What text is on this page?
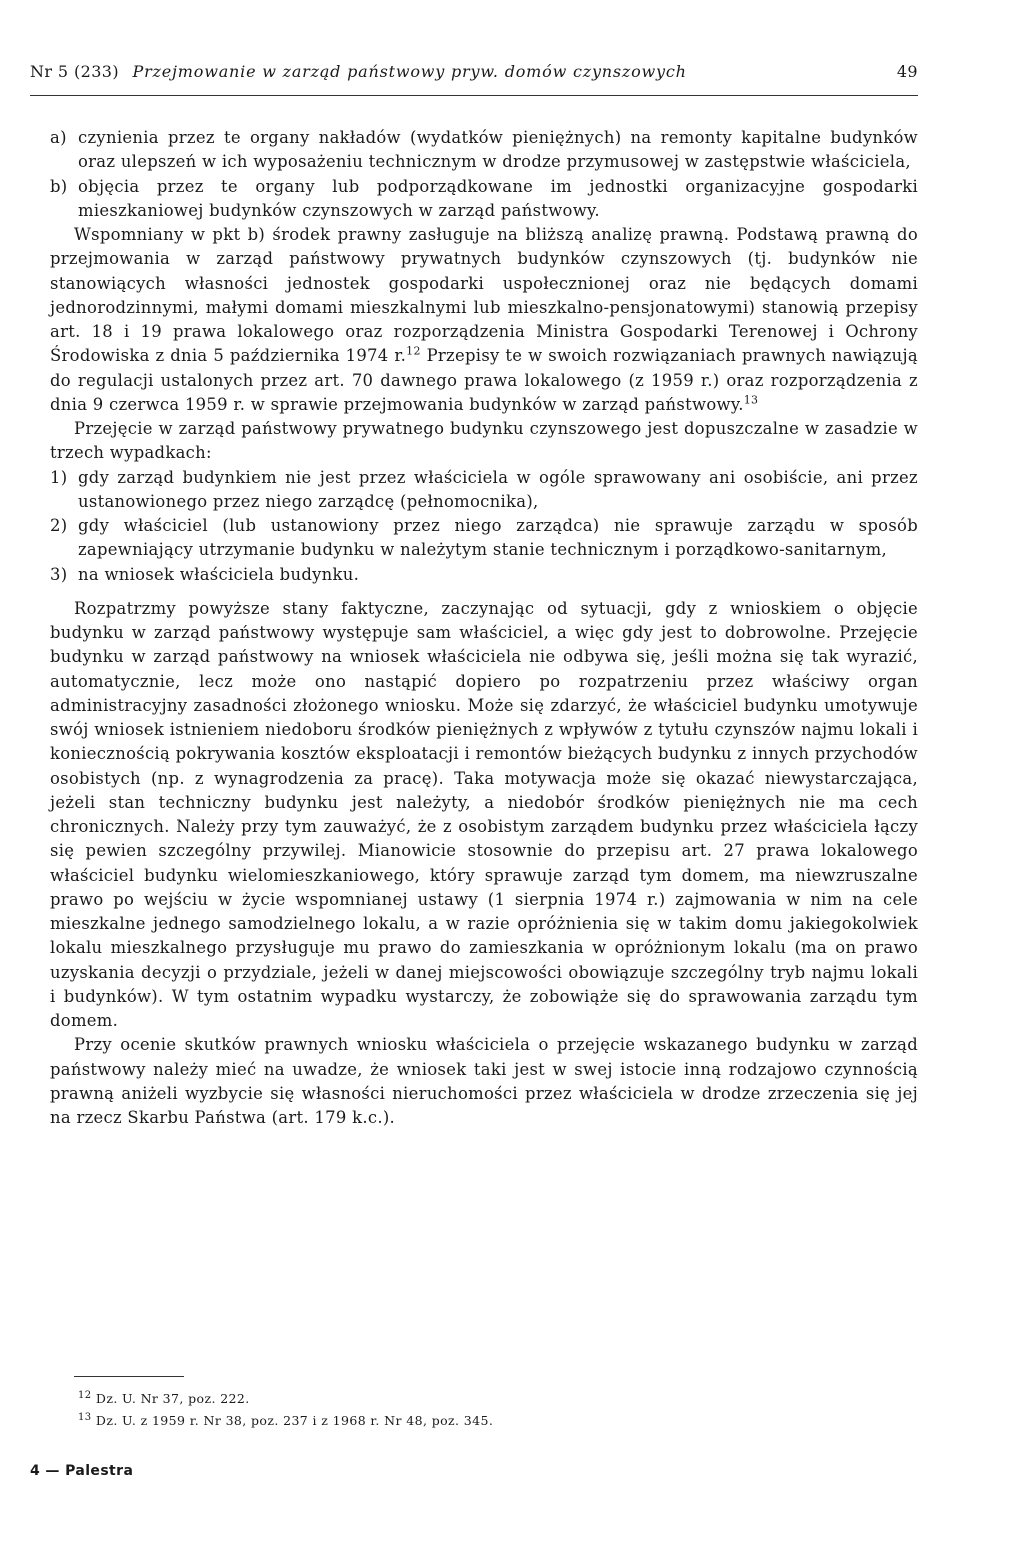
Nr 5 (233) Przejmowanie w zarząd państwowy pryw. domów czynszowych	49
a) czynienia przez te organy nakładów (wydatków pieniężnych) na remonty kapitalne budynków oraz ulepszeń w ich wyposażeniu technicznym w drodze przymusowej w zastępstwie właściciela,
b) objęcia przez te organy lub podporządkowane im jednostki organizacyjne gospodarki mieszkaniowej budynków czynszowych w zarząd państwowy.

Wspomniany w pkt b) środek prawny zasługuje na bliższą analizę prawną. Podstawą prawną do przejmowania w zarząd państwowy prywatnych budynków czynszowych (tj. budynków nie stanowiących własności jednostek gospodarki uspołecznionej oraz nie będących domami jednorodzinnymi, małymi domami mieszkalnymi lub mieszkalno-pensjonatowymi) stanowią przepisy art. 18 i 19 prawa lokalowego oraz rozporządzenia Ministra Gospodarki Terenowej i Ochrony Środowiska z dnia 5 października 1974 r.$^{12}$ Przepisy te w swoich rozwiązaniach prawnych nawiązują do regulacji ustalonych przez art. 70 dawnego prawa lokalowego (z 1959 r.) oraz rozporządzenia z dnia 9 czerwca 1959 r. w sprawie przejmowania budynków w zarząd państwowy.$^{13}$

Przejęcie w zarząd państwowy prywatnego budynku czynszowego jest dopuszczalne w zasadzie w trzech wypadkach:

1) gdy zarząd budynkiem nie jest przez właściciela w ogóle sprawowany ani osobiście, ani przez ustanowionego przez niego zarządcę (pełnomocnika),
2) gdy właściciel (lub ustanowiony przez niego zarządca) nie sprawuje zarządu w sposób zapewniający utrzymanie budynku w należytym stanie technicznym i porządkowo-sanitarnym,
3) na wniosek właściciela budynku.

Rozpatrzmy powyższe stany faktyczne, zaczynając od sytuacji, gdy z wnioskiem o objęcie budynku w zarząd państwowy występuje sam właściciel, a więc gdy jest to dobrowolne. Przejęcie budynku w zarząd państwowy na wniosek właściciela nie odbywa się, jeśli można się tak wyrazić, automatycznie, lecz może ono nastąpić dopiero po rozpatrzeniu przez właściwy organ administracyjny zasadności złożonego wniosku. Może się zdarzyć, że właściciel budynku umotywuje swój wniosek istnieniem niedoboru środków pieniężnych z wpływów z tytułu czynszów najmu lokali i koniecznością pokrywania kosztów eksploatacji i remontów bieżących budynku z innych przychodów osobistych (np. z wynagrodzenia za pracę). Taka motywacja może się okazać niewystarczająca, jeżeli stan techniczny budynku jest należyty, a niedobór środków pieniężnych nie ma cech chronicznych. Należy przy tym zauważyć, że z osobistym zarządem budynku przez właściciela łączy się pewien szczególny przywilej. Mianowicie stosownie do przepisu art. 27 prawa lokalowego właściciel budynku wielomieszkaniowego, który sprawuje zarząd tym domem, ma niewzruszalne prawo po wejściu w życie wspomnianej ustawy (1 sierpnia 1974 r.) zajmowania w nim na cele mieszkalne jednego samodzielnego lokalu, a w razie opróżnienia się w takim domu jakiegokolwiek lokalu mieszkalnego przysługuje mu prawo do zamieszkania w opróżnionym lokalu (ma on prawo uzyskania decyzji o przydziale, jeżeli w danej miejscowości obowiązuje szczególny tryb najmu lokali i budynków). W tym ostatnim wypadku wystarczy, że zobowiąże się do sprawowania zarządu tym domem.

Przy ocenie skutków prawnych wniosku właściciela o przejęcie wskazanego budynku w zarząd państwowy należy mieć na uwadze, że wniosek taki jest w swej istocie inną rodzajowo czynnością prawną aniżeli wyzbycie się własności nieruchomości przez właściciela w drodze zrzeczenia się jej na rzecz Skarbu Państwa (art. 179 k.c.).

$^{12}$ Dz. U. Nr 37, poz. 222.
$^{13}$ Dz. U. z 1959 r. Nr 38, poz. 237 i z 1968 r. Nr 48, poz. 345.
4 — Palestra
